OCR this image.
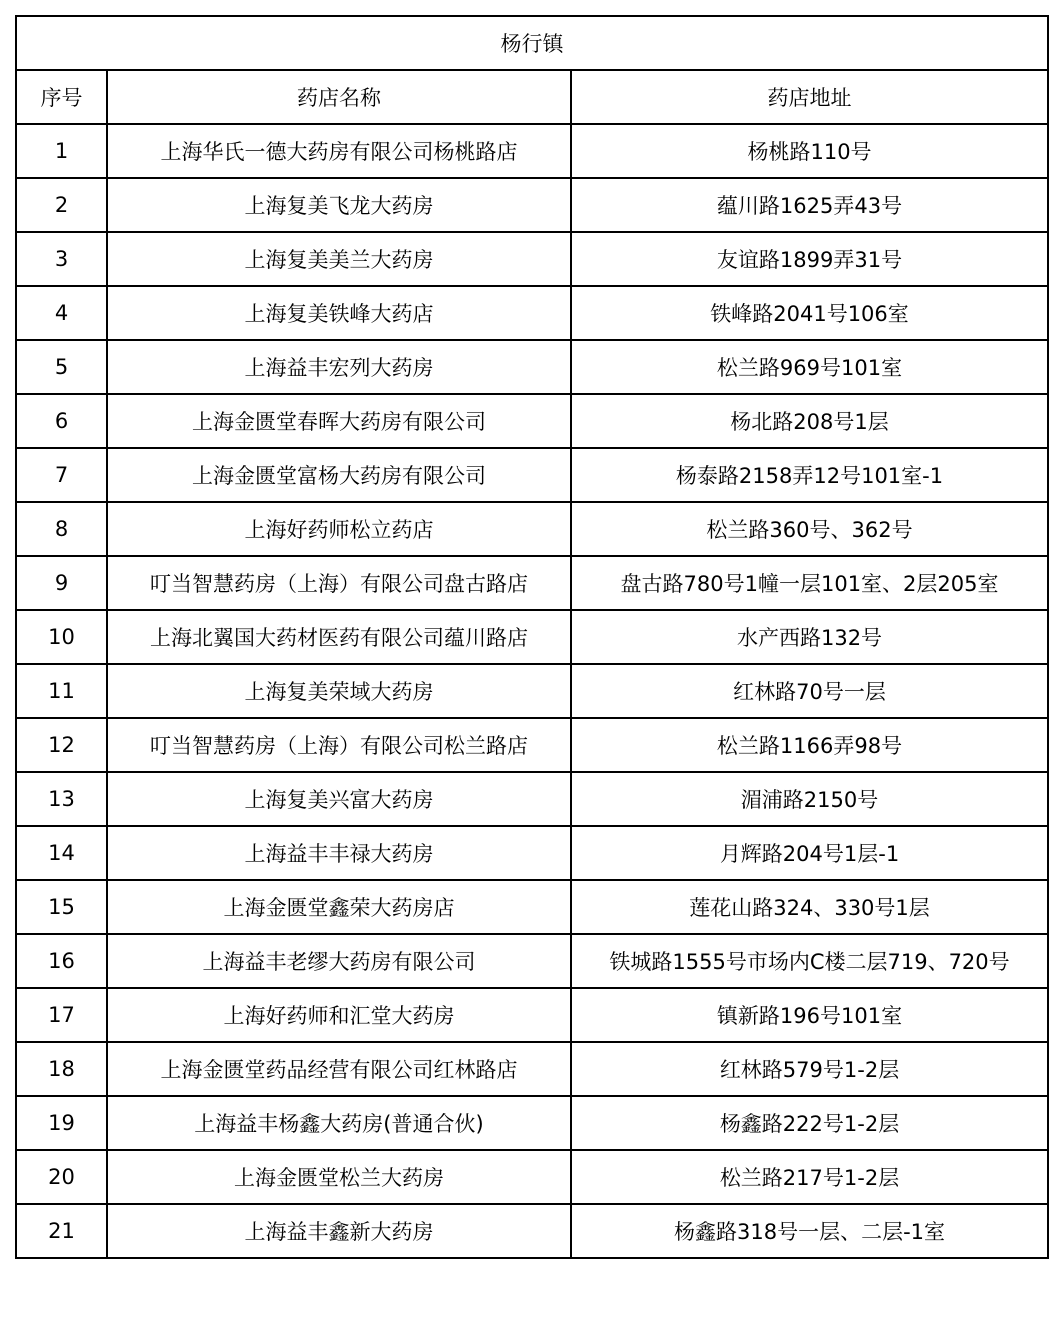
杨行镇		
序号	药店名称	药店地址
1	上海华氏一德大药房有限公司杨桃路店	杨桃路110号
2	上海复美飞龙大药房	蕴川路1625弄43号
3	上海复美美兰大药房	友谊路1899弄31号
4	上海复美铁峰大药店	铁峰路2041号106室
5	上海益丰宏列大药房	松兰路969号101室
6	上海金匮堂春晖大药房有限公司	杨北路208号1层
7	上海金匮堂富杨大药房有限公司	杨泰路2158弄12号101室-1
8	上海好药师松立药店	松兰路360号、362号
9	叮当智慧药房（上海）有限公司盘古路店	盘古路780号1幢一层101室、2层205室
10	上海北翼国大药材医药有限公司蕴川路店	水产西路132号
11	上海复美荣域大药房	红林路70号一层
12	叮当智慧药房（上海）有限公司松兰路店	松兰路1166弄98号
13	上海复美兴富大药房	湄浦路2150号
14	上海益丰丰禄大药房	月辉路204号1层-1
15	上海金匮堂鑫荣大药房店	莲花山路324、330号1层
16	上海益丰老缪大药房有限公司	铁城路1555号市场内C楼二层719、720号
17	上海好药师和汇堂大药房	镇新路196号101室
18	上海金匮堂药品经营有限公司红林路店	红林路579号1-2层
19	上海益丰杨鑫大药房(普通合伙)	杨鑫路222号1-2层
20	上海金匮堂松兰大药房	松兰路217号1-2层
21	上海益丰鑫新大药房	杨鑫路318号一层、二层-1室
